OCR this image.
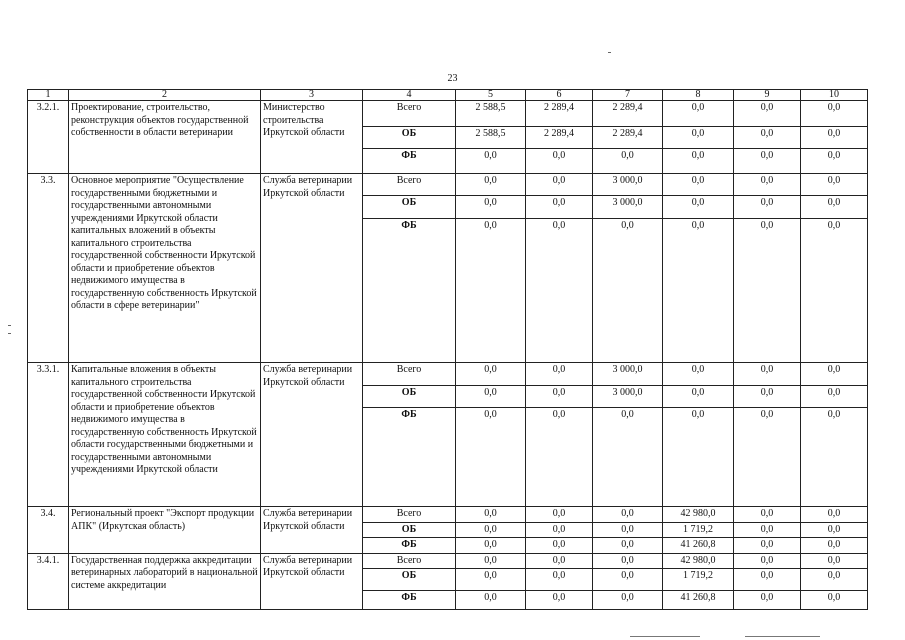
23
1	2	3	4	5	6	7	8	9	10
3.2.1.	Проектирование, строительство, реконструкция объектов государственной собственности в области ветеринарии	Министерство строительства Иркутской области	Всего	2 588,5	2 289,4	2 289,4	0,0	0,0	0,0
			ОБ	2 588,5	2 289,4	2 289,4	0,0	0,0	0,0
			ФБ	0,0	0,0	0,0	0,0	0,0	0,0
3.3.	Основное мероприятие "Осуществление государственными бюджетными и государственными автономными учреждениями Иркутской области капитальных вложений в объекты капитального строительства государственной собственности Иркутской области и приобретение объектов недвижимого имущества в государственную собственность Иркутской области в сфере ветеринарии"	Служба ветеринарии Иркутской области	Всего	0,0	0,0	3 000,0	0,0	0,0	0,0
			ОБ	0,0	0,0	3 000,0	0,0	0,0	0,0
			ФБ	0,0	0,0	0,0	0,0	0,0	0,0
3.3.1.	Капитальные вложения в объекты капитального строительства государственной собственности Иркутской области и приобретение объектов недвижимого имущества в государственную собственность Иркутской области государственными бюджетными и государственными автономными учреждениями Иркутской области	Служба ветеринарии Иркутской области	Всего	0,0	0,0	3 000,0	0,0	0,0	0,0
			ОБ	0,0	0,0	3 000,0	0,0	0,0	0,0
			ФБ	0,0	0,0	0,0	0,0	0,0	0,0
3.4.	Региональный проект "Экспорт продукции АПК" (Иркутская область)	Служба ветеринарии Иркутской области	Всего	0,0	0,0	0,0	42 980,0	0,0	0,0
			ОБ	0,0	0,0	0,0	1 719,2	0,0	0,0
			ФБ	0,0	0,0	0,0	41 260,8	0,0	0,0
3.4.1.	Государственная поддержка аккредитации ветеринарных лабораторий в национальной системе аккредитации	Служба ветеринарии Иркутской области	Всего	0,0	0,0	0,0	42 980,0	0,0	0,0
			ОБ	0,0	0,0	0,0	1 719,2	0,0	0,0
			ФБ	0,0	0,0	0,0	41 260,8	0,0	0,0
